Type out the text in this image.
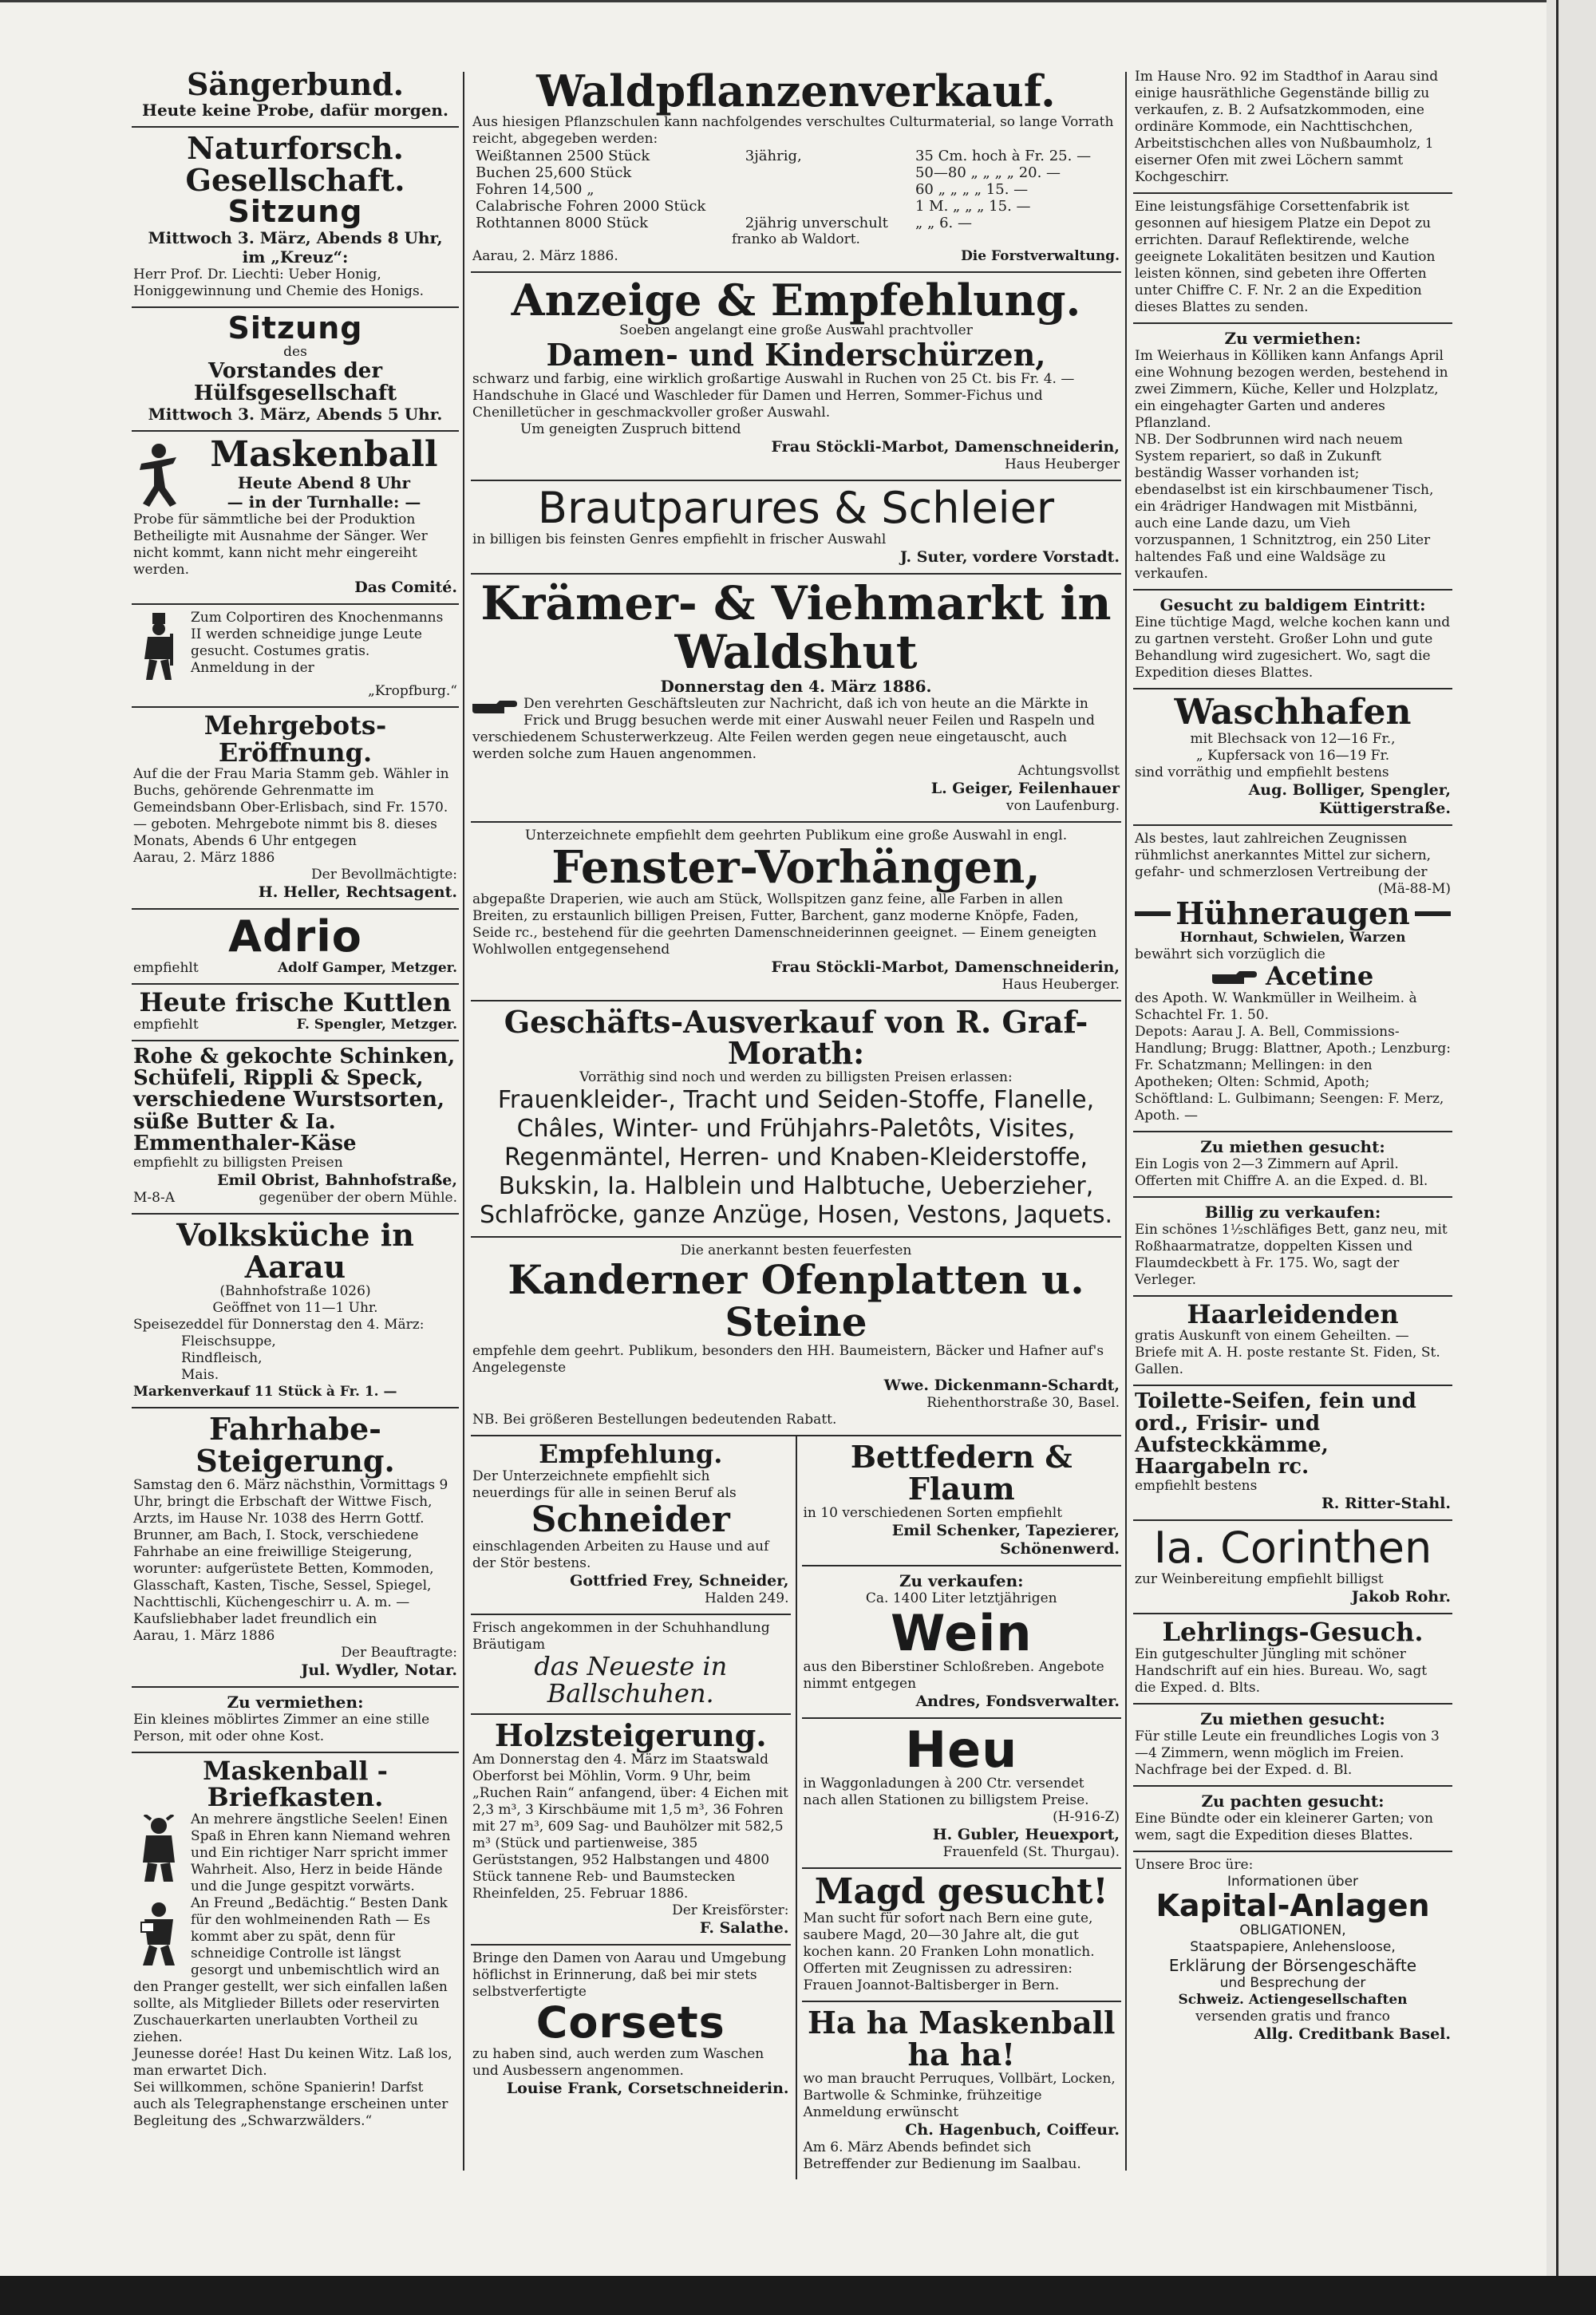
Sängerbund.
Heute keine Probe, dafür morgen.
Naturforsch. Gesellschaft.
Sitzung
Mittwoch 3. März, Abends 8 Uhr,
im „Kreuz“:
Herr Prof. Dr. Liechti: Ueber Honig, Honiggewinnung und Chemie des Honigs.
Sitzung
des
Vorstandes der Hülfsgesellschaft
Mittwoch 3. März, Abends 5 Uhr.
Maskenball
Heute Abend 8 Uhr
— in der Turnhalle: —
Probe für sämmtliche bei der Produktion Betheiligte mit Ausnahme der Sänger. Wer nicht kommt, kann nicht mehr eingereiht werden.
Das Comité.
Zum Colportiren des Knochenmanns II werden schneidige junge Leute gesucht. Costumes gratis.
Anmeldung in der
„Kropfburg.“
Mehrgebots-Eröffnung.
Auf die der Frau Maria Stamm geb. Wähler in Buchs, gehörende Gehrenmatte im Gemeindsbann Ober-Erlisbach, sind Fr. 1570. — geboten. Mehrgebote nimmt bis 8. dieses Monats, Abends 6 Uhr entgegen
Aarau, 2. März 1886
Der Bevollmächtigte:
H. Heller, Rechtsagent.
Adrio
empfiehlt	Adolf Gamper, Metzger.
Heute frische Kuttlen
empfiehlt	F. Spengler, Metzger.
Rohe & gekochte Schinken, Schüfeli, Rippli & Speck, verschiedene Wurstsorten, süße Butter & Ia. Emmenthaler-Käse
empfiehlt zu billigsten Preisen
Emil Obrist, Bahnhofstraße,
M-8-A	gegenüber der obern Mühle.
Volksküche in Aarau
(Bahnhofstraße 1026)
Geöffnet von 11—1 Uhr.
Speisezeddel für Donnerstag den 4. März:
Fleischsuppe,
Rindfleisch,
Mais.
Markenverkauf 11 Stück à Fr. 1. —
Fahrhabe-Steigerung.
Samstag den 6. März nächsthin, Vormittags 9 Uhr, bringt die Erbschaft der Wittwe Fisch, Arzts, im Hause Nr. 1038 des Herrn Gottf. Brunner, am Bach, I. Stock, verschiedene Fahrhabe an eine freiwillige Steigerung, worunter: aufgerüstete Betten, Kommoden, Glasschaft, Kasten, Tische, Sessel, Spiegel, Nachttischli, Küchengeschirr u. A. m. — Kaufsliebhaber ladet freundlich ein
Aarau, 1. März 1886
Der Beauftragte:
Jul. Wydler, Notar.
Zu vermiethen:
Ein kleines möblirtes Zimmer an eine stille Person, mit oder ohne Kost.
Maskenball - Briefkasten.
An mehrere ängstliche Seelen! Einen Spaß in Ehren kann Niemand wehren und Ein richtiger Narr spricht immer Wahrheit. Also, Herz in beide Hände und die Junge gespitzt vorwärts.
An Freund „Bedächtig.“ Besten Dank für den wohlmeinenden Rath — Es kommt aber zu spät, denn für schneidige Controlle ist längst gesorgt und unbemischtlich wird an den Pranger gestellt, wer sich einfallen laßen sollte, als Mitglieder Billets oder reservirten Zuschauerkarten unerlaubten Vortheil zu ziehen.
Jeunesse dorée! Hast Du keinen Witz. Laß los, man erwartet Dich.
Sei willkommen, schöne Spanierin! Darfst auch als Telegraphenstange erscheinen unter Begleitung des „Schwarzwälders.“
Waldpflanzenverkauf.
Aus hiesigen Pflanzschulen kann nachfolgendes verschultes Culturmaterial, so lange Vorrath reicht, abgegeben werden:
Weißtannen 2500 Stück	3jährig,	35 Cm. hoch à Fr. 25. —
Buchen 25,600 Stück		50—80 „ „ „ „ 20. —
Fohren 14,500 „		60 „ „ „ „ 15. —
Calabrische Fohren 2000 Stück		1 M. „ „ „ 15. —
Rothtannen 8000 Stück	2jährig unverschult	„ „ 6. —
franko ab Waldort.
Aarau, 2. März 1886.	Die Forstverwaltung.
Anzeige & Empfehlung.
Soeben angelangt eine große Auswahl prachtvoller
Damen- und Kinderschürzen,
schwarz und farbig, eine wirklich großartige Auswahl in Ruchen von 25 Ct. bis Fr. 4. — Handschuhe in Glacé und Waschleder für Damen und Herren, Sommer-Fichus und Chenilletücher in geschmackvoller großer Auswahl.
Um geneigten Zuspruch bittend
Frau Stöckli-Marbot, Damenschneiderin,
Haus Heuberger
Brautparures & Schleier
in billigen bis feinsten Genres empfiehlt in frischer Auswahl
J. Suter, vordere Vorstadt.
Krämer- & Viehmarkt in Waldshut
Donnerstag den 4. März 1886.
Den verehrten Geschäftsleuten zur Nachricht, daß ich von heute an die Märkte in Frick und Brugg besuchen werde mit einer Auswahl neuer Feilen und Raspeln und verschiedenem Schusterwerkzeug. Alte Feilen werden gegen neue eingetauscht, auch werden solche zum Hauen angenommen.
Achtungsvollst
L. Geiger, Feilenhauer
von Laufenburg.
Unterzeichnete empfiehlt dem geehrten Publikum eine große Auswahl in engl.
Fenster-Vorhängen,
abgepaßte Draperien, wie auch am Stück, Wollspitzen ganz feine, alle Farben in allen Breiten, zu erstaunlich billigen Preisen, Futter, Barchent, ganz moderne Knöpfe, Faden, Seide rc., bestehend für die geehrten Damenschneiderinnen geeignet. — Einem geneigten Wohlwollen entgegensehend
Frau Stöckli-Marbot, Damenschneiderin,
Haus Heuberger.
Geschäfts-Ausverkauf von R. Graf-Morath:
Vorräthig sind noch und werden zu billigsten Preisen erlassen:
Frauenkleider-, Tracht und Seiden-Stoffe, Flanelle, Châles, Winter- und Frühjahrs-Paletôts, Visites, Regenmäntel, Herren- und Knaben-Kleiderstoffe, Bukskin, Ia. Halblein und Halbtuche, Ueberzieher, Schlafröcke, ganze Anzüge, Hosen, Vestons, Jaquets.
Die anerkannt besten feuerfesten
Kanderner Ofenplatten u. Steine
empfehle dem geehrt. Publikum, besonders den HH. Baumeistern, Bäcker und Hafner auf's Angelegenste
Wwe. Dickenmann-Schardt,
Riehenthorstraße 30, Basel.
NB. Bei größeren Bestellungen bedeutenden Rabatt.
Empfehlung.
Der Unterzeichnete empfiehlt sich neuerdings für alle in seinen Beruf als
Schneider
einschlagenden Arbeiten zu Hause und auf der Stör bestens.
Gottfried Frey, Schneider,
Halden 249.
Frisch angekommen in der Schuhhandlung Bräutigam
das Neueste in Ballschuhen.
Holzsteigerung.
Am Donnerstag den 4. März im Staatswald Oberforst bei Möhlin, Vorm. 9 Uhr, beim „Ruchen Rain“ anfangend, über: 4 Eichen mit 2,3 m³, 3 Kirschbäume mit 1,5 m³, 36 Fohren mit 27 m³, 609 Sag- und Bauhölzer mit 582,5 m³ (Stück und partienweise, 385 Gerüststangen, 952 Halbstangen und 4800 Stück tannene Reb- und Baumstecken
Rheinfelden, 25. Februar 1886.
Der Kreisförster:
F. Salathe.
Bringe den Damen von Aarau und Umgebung höflichst in Erinnerung, daß bei mir stets selbstverfertigte
Corsets
zu haben sind, auch werden zum Waschen und Ausbessern angenommen.
Louise Frank, Corsetschneiderin.
Bettfedern & Flaum
in 10 verschiedenen Sorten empfiehlt
Emil Schenker, Tapezierer,
Schönenwerd.
Zu verkaufen:
Ca. 1400 Liter letztjährigen
Wein
aus den Biberstiner Schloßreben. Angebote nimmt entgegen
Andres, Fondsverwalter.
Heu
in Waggonladungen à 200 Ctr. versendet nach allen Stationen zu billigstem Preise.
(H-916-Z)
H. Gubler, Heuexport,
Frauenfeld (St. Thurgau).
Magd gesucht!
Man sucht für sofort nach Bern eine gute, saubere Magd, 20—30 Jahre alt, die gut kochen kann. 20 Franken Lohn monatlich. Offerten mit Zeugnissen zu adressiren: Frauen Joannot-Baltisberger in Bern.
Ha ha Maskenball ha ha!
wo man braucht Perruques, Vollbärt, Locken, Bartwolle & Schminke, frühzeitige Anmeldung erwünscht
Ch. Hagenbuch, Coiffeur.
Am 6. März Abends befindet sich Betreffender zur Bedienung im Saalbau.
Im Hause Nro. 92 im Stadthof in Aarau sind einige hausräthliche Gegenstände billig zu verkaufen, z. B. 2 Aufsatzkommoden, eine ordinäre Kommode, ein Nachttischchen, Arbeitstischchen alles von Nußbaumholz, 1 eiserner Ofen mit zwei Löchern sammt Kochgeschirr.
Eine leistungsfähige Corsettenfabrik ist gesonnen auf hiesigem Platze ein Depot zu errichten. Darauf Reflektirende, welche geeignete Lokalitäten besitzen und Kaution leisten können, sind gebeten ihre Offerten unter Chiffre C. F. Nr. 2 an die Expedition dieses Blattes zu senden.
Zu vermiethen:
Im Weierhaus in Kölliken kann Anfangs April eine Wohnung bezogen werden, bestehend in zwei Zimmern, Küche, Keller und Holzplatz, ein eingehagter Garten und anderes Pflanzland.
NB. Der Sodbrunnen wird nach neuem System repariert, so daß in Zukunft beständig Wasser vorhanden ist; ebendaselbst ist ein kirschbaumener Tisch, ein 4rädriger Handwagen mit Mistbänni, auch eine Lande dazu, um Vieh vorzuspannen, 1 Schnitztrog, ein 250 Liter haltendes Faß und eine Waldsäge zu verkaufen.
Gesucht zu baldigem Eintritt:
Eine tüchtige Magd, welche kochen kann und zu gartnen versteht. Großer Lohn und gute Behandlung wird zugesichert. Wo, sagt die Expedition dieses Blattes.
Waschhafen
mit Blechsack von 12—16 Fr.,
„ Kupfersack von 16—19 Fr.
sind vorräthig und empfiehlt bestens
Aug. Bolliger, Spengler,
Küttigerstraße.
Als bestes, laut zahlreichen Zeugnissen rühmlichst anerkanntes Mittel zur sichern, gefahr- und schmerzlosen Vertreibung der
(Mä-88-M)
Hühneraugen
Hornhaut, Schwielen, Warzen
bewährt sich vorzüglich die
Acetine
des Apoth. W. Wankmüller in Weilheim. à Schachtel Fr. 1. 50.
Depots: Aarau J. A. Bell, Commissions-Handlung; Brugg: Blattner, Apoth.; Lenzburg: Fr. Schatzmann; Mellingen: in den Apotheken; Olten: Schmid, Apoth; Schöftland: L. Gulbimann; Seengen: F. Merz, Apoth. —
Zu miethen gesucht:
Ein Logis von 2—3 Zimmern auf April. Offerten mit Chiffre A. an die Exped. d. Bl.
Billig zu verkaufen:
Ein schönes 1½schläfiges Bett, ganz neu, mit Roßhaarmatratze, doppelten Kissen und Flaumdeckbett à Fr. 175. Wo, sagt der Verleger.
Haarleidenden
gratis Auskunft von einem Geheilten. — Briefe mit A. H. poste restante St. Fiden, St. Gallen.
Toilette-Seifen, fein und ord., Frisir- und Aufsteckkämme, Haargabeln rc.
empfiehlt bestens
R. Ritter-Stahl.
Ia. Corinthen
zur Weinbereitung empfiehlt billigst
Jakob Rohr.
Lehrlings-Gesuch.
Ein gutgeschulter Jüngling mit schöner Handschrift auf ein hies. Bureau. Wo, sagt die Exped. d. Blts.
Zu miethen gesucht:
Für stille Leute ein freundliches Logis von 3—4 Zimmern, wenn möglich im Freien. Nachfrage bei der Exped. d. Bl.
Zu pachten gesucht:
Eine Bündte oder ein kleinerer Garten; von wem, sagt die Expedition dieses Blattes.
Unsere Broc üre:
Informationen über
Kapital-Anlagen
OBLIGATIONEN,
Staatspapiere, Anlehensloose,
Erklärung der Börsengeschäfte
und Besprechung der
Schweiz. Actiengesellschaften
versenden gratis und franco
Allg. Creditbank Basel.
